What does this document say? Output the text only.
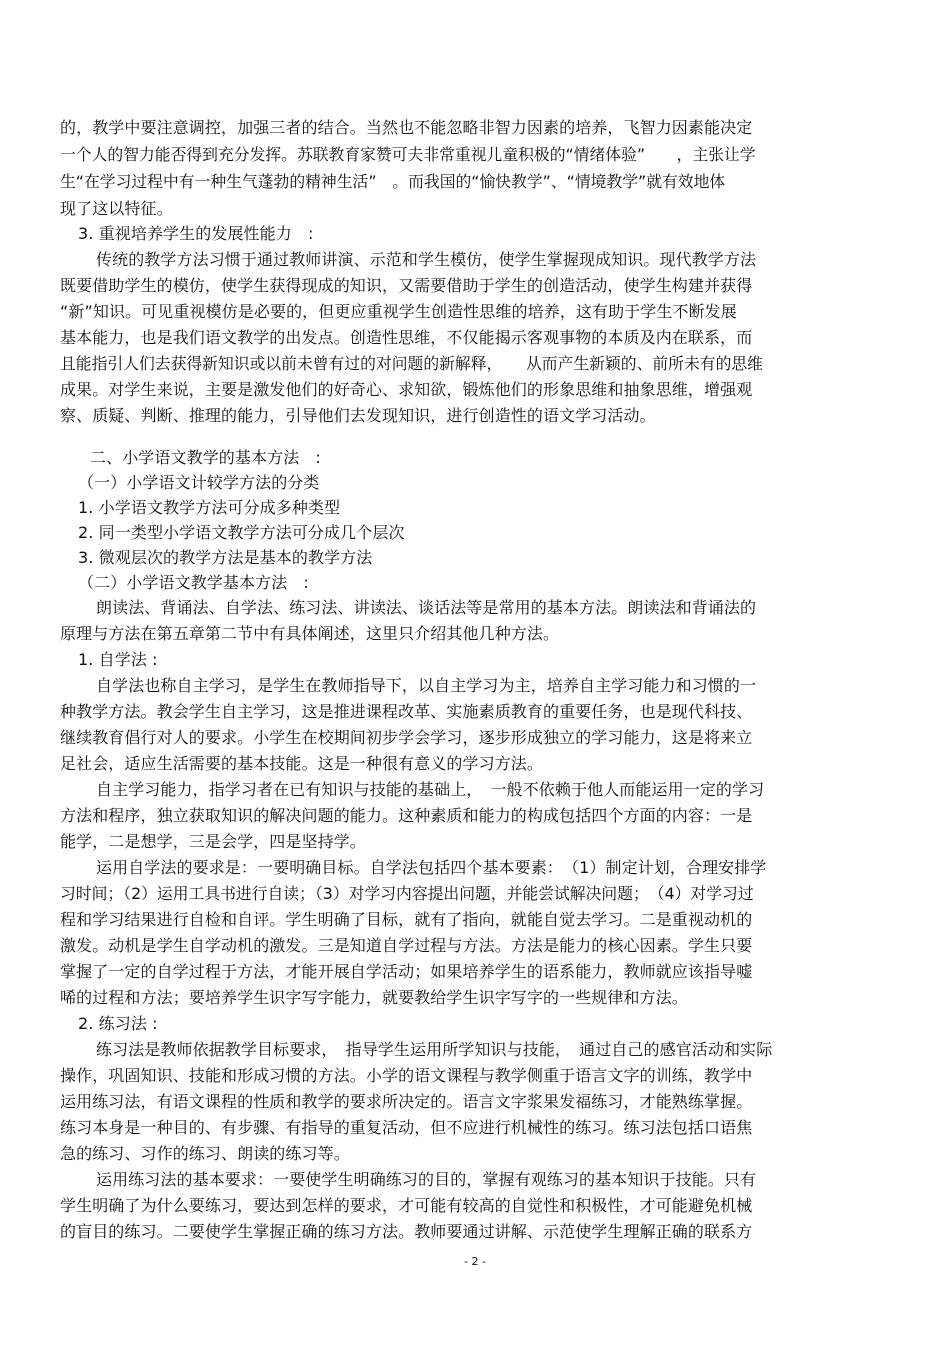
的，教学中要注意调控，加强三者的结合。当然也不能忽略非智力因素的培养，飞智力因素能决定
一个人的智力能否得到充分发挥。苏联教育家赞可夫非常重视儿童积极的“情绪体验”　　，主张让学
生“在学习过程中有一种生气蓬勃的精神生活”　。而我国的“愉快教学”、“情境教学”就有效地体
现了这以特征。
3. 重视培养学生的发展性能力　:
传统的教学方法习惯于通过教师讲演、示范和学生模仿，使学生掌握现成知识。现代教学方法
既要借助学生的模仿，使学生获得现成的知识，又需要借助于学生的创造活动，使学生构建并获得
“新”知识。可见重视模仿是必要的，但更应重视学生创造性思维的培养，这有助于学生不断发展
基本能力，也是我们语文教学的出发点。创造性思维，不仅能揭示客观事物的本质及内在联系，而
且能指引人们去获得新知识或以前未曾有过的对问题的新解释，　　从而产生新颖的、前所未有的思维
成果。对学生来说，主要是激发他们的好奇心、求知欲，锻炼他们的形象思维和抽象思维，增强观
察、质疑、判断、推理的能力，引导他们去发现知识，进行创造性的语文学习活动。
二、小学语文教学的基本方法　:
（一）小学语文计较学方法的分类
1. 小学语文教学方法可分成多种类型
2. 同一类型小学语文教学方法可分成几个层次
3. 微观层次的教学方法是基本的教学方法
（二）小学语文教学基本方法　:
朗读法、背诵法、自学法、练习法、讲读法、谈话法等是常用的基本方法。朗读法和背诵法的
原理与方法在第五章第二节中有具体阐述，这里只介绍其他几种方法。
1. 自学法 :
自学法也称自主学习，是学生在教师指导下，以自主学习为主，培养自主学习能力和习惯的一
种教学方法。教会学生自主学习，这是推进课程改革、实施素质教育的重要任务，也是现代科技、
继续教育倡行对人的要求。小学生在校期间初步学会学习，逐步形成独立的学习能力，这是将来立
足社会，适应生活需要的基本技能。这是一种很有意义的学习方法。
自主学习能力，指学习者在已有知识与技能的基础上，　一般不依赖于他人而能运用一定的学习
方法和程序，独立获取知识的解决问题的能力。这种素质和能力的构成包括四个方面的内容：一是
能学，二是想学，三是会学，四是坚持学。
运用自学法的要求是：一要明确目标。自学法包括四个基本要素：　（1）制定计划，合理安排学
习时间；（2）运用工具书进行自读；（3）对学习内容提出问题，并能尝试解决问题；　（4）对学习过
程和学习结果进行自检和自评。学生明确了目标，就有了指向，就能自觉去学习。二是重视动机的
激发。动机是学生自学动机的激发。三是知道自学过程与方法。方法是能力的核心因素。学生只要
掌握了一定的自学过程于方法，才能开展自学活动；如果培养学生的语系能力，教师就应该指导嘘
唏的过程和方法；要培养学生识字写字能力，就要教给学生识字写字的一些规律和方法。
2. 练习法 :
练习法是教师依据教学目标要求，　指导学生运用所学知识与技能，　通过自己的感官活动和实际
操作，巩固知识、技能和形成习惯的方法。小学的语文课程与教学侧重于语言文字的训练，教学中
运用练习法，有语文课程的性质和教学的要求所决定的。语言文字浆果发福练习，才能熟练掌握。
练习本身是一种目的、有步骤、有指导的重复活动，但不应进行机械性的练习。练习法包括口语焦
急的练习、习作的练习、朗读的练习等。
运用练习法的基本要求：一要使学生明确练习的目的，掌握有观练习的基本知识于技能。只有
学生明确了为什么要练习，要达到怎样的要求，才可能有较高的自觉性和积极性，才可能避免机械
的盲目的练习。二要使学生掌握正确的练习方法。教师要通过讲解、示范使学生理解正确的联系方
- 2 -
